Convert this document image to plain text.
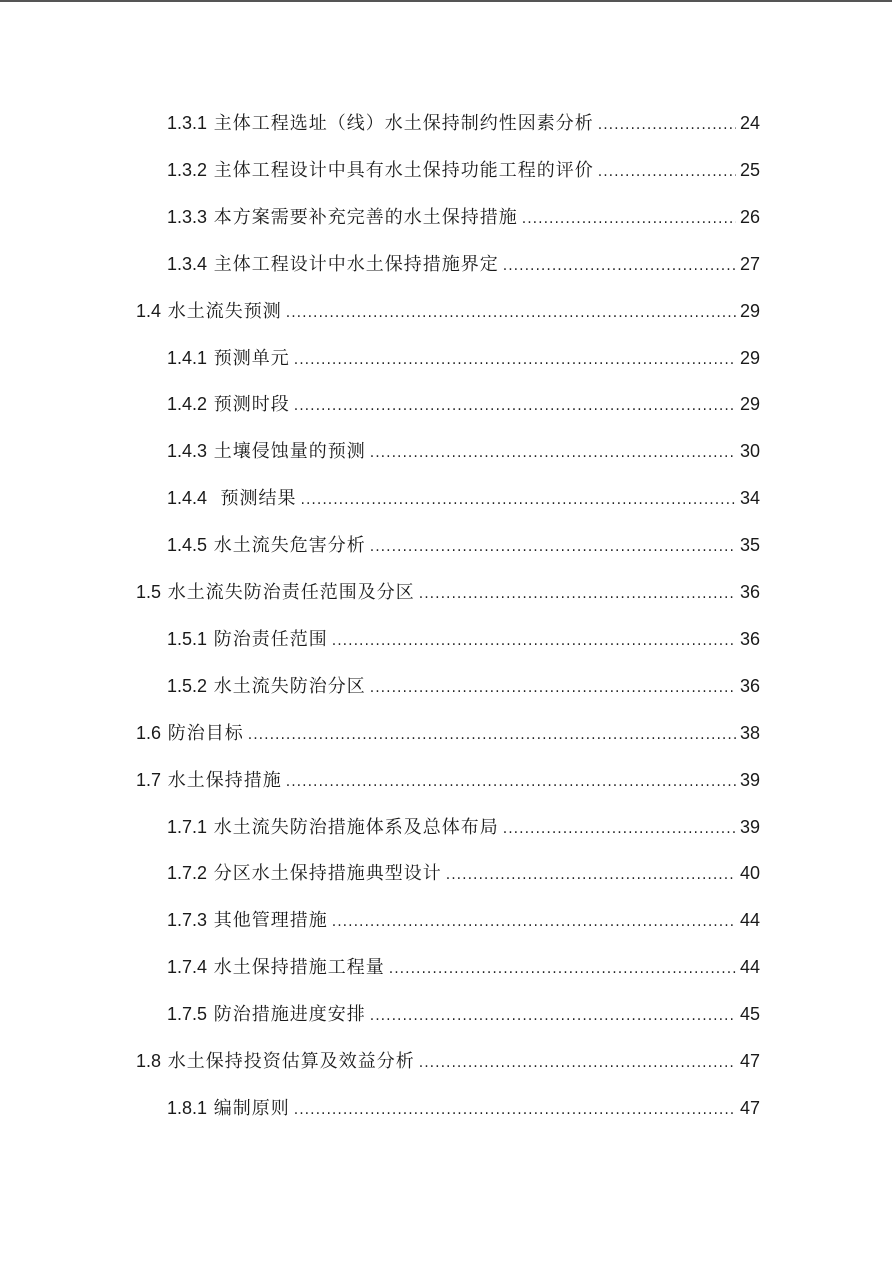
1.3.1 主体工程选址（线）水土保持制约性因素分析 .....	24
1.3.2 主体工程设计中具有水土保持功能工程的评价 .....	25
1.3.3 本方案需要补充完善的水土保持措施 .....	26
1.3.4 主体工程设计中水土保持措施界定 .....	27
1.4 水土流失预测 .....	29
1.4.1 预测单元 .....	29
1.4.2 预测时段 .....	29
1.4.3 土壤侵蚀量的预测 .....	30
1.4.4  预测结果 .....	34
1.4.5 水土流失危害分析 .....	35
1.5 水土流失防治责任范围及分区 .....	36
1.5.1 防治责任范围 .....	36
1.5.2 水土流失防治分区 .....	36
1.6 防治目标 .....	38
1.7 水土保持措施 .....	39
1.7.1 水土流失防治措施体系及总体布局 .....	39
1.7.2 分区水土保持措施典型设计 .....	40
1.7.3 其他管理措施 .....	44
1.7.4 水土保持措施工程量 .....	44
1.7.5 防治措施进度安排 .....	45
1.8 水土保持投资估算及效益分析 .....	47
1.8.1 编制原则 .....	47
